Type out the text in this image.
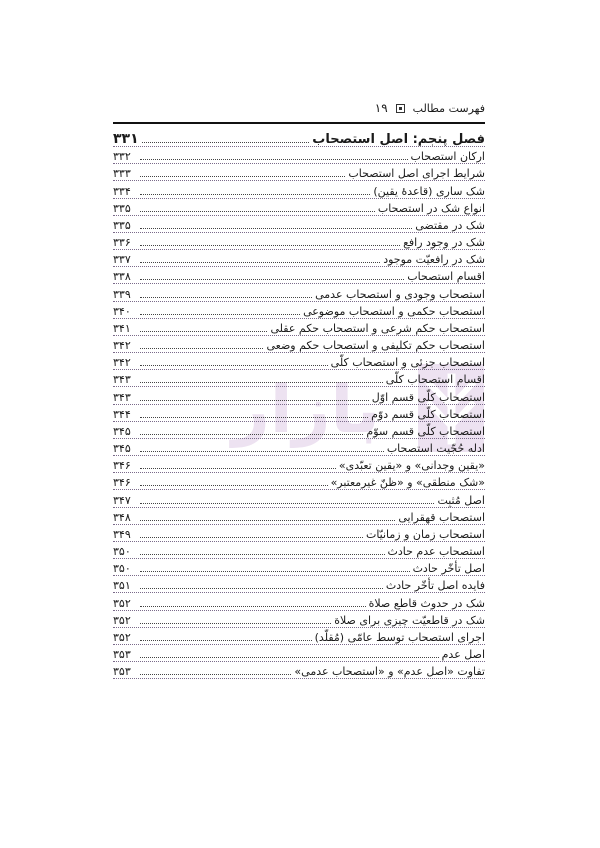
فهرست مطالب
۱۹
بازار
فصل پنجم: اصل استصحاب
۳۳۱
ارکان استصحاب
۳۳۲
شرایط اجرای اصل استصحاب
۳۳۳
شک ساری (قاعدهٔ یقین)
۳۳۴
انواع شک در استصحاب
۳۳۵
شک در مقتضی
۳۳۵
شک در وجود رافع
۳۳۶
شک در رافعیّت موجود
۳۳۷
اقسام استصحاب
۳۳۸
استصحاب وجودی و استصحاب عدمی
۳۳۹
استصحاب حکمی و استصحاب موضوعی
۳۴۰
استصحاب حکم شرعی و استصحاب حکم عقلی
۳۴۱
استصحاب حکم تکلیفی و استصحاب حکم وضعی
۳۴۲
استصحاب جزئی و استصحاب کلّی
۳۴۲
اقسام استصحاب کلّی
۳۴۳
استصحاب کلّی قسم اوّل
۳۴۳
استصحاب کلّی قسم دوّم
۳۴۴
استصحاب کلّی قسم سوّم
۳۴۵
ادله حُجّیت استصحاب
۳۴۵
«یقین وجدانی» و «یقین تعبّدی»
۳۴۶
«شک منطقی» و «ظنّ غیرمعتبر»
۳۴۶
اصل مُثبِت
۳۴۷
استصحاب قهقرایی
۳۴۸
استصحاب زمان و زمانیّات
۳۴۹
استصحاب عدم حادث
۳۵۰
اصل تأخّر حادث
۳۵۰
فایده اصل تأخّر حادث
۳۵۱
شک در حدوث قاطع صلاة
۳۵۲
شک در قاطعیّت چیزی برای صلاة
۳۵۲
اجرای استصحاب توسط عامّی (مُقلّد)
۳۵۲
اصل عدم
۳۵۳
تفاوت «اصل عدم» و «استصحاب عدمی»
۳۵۳
